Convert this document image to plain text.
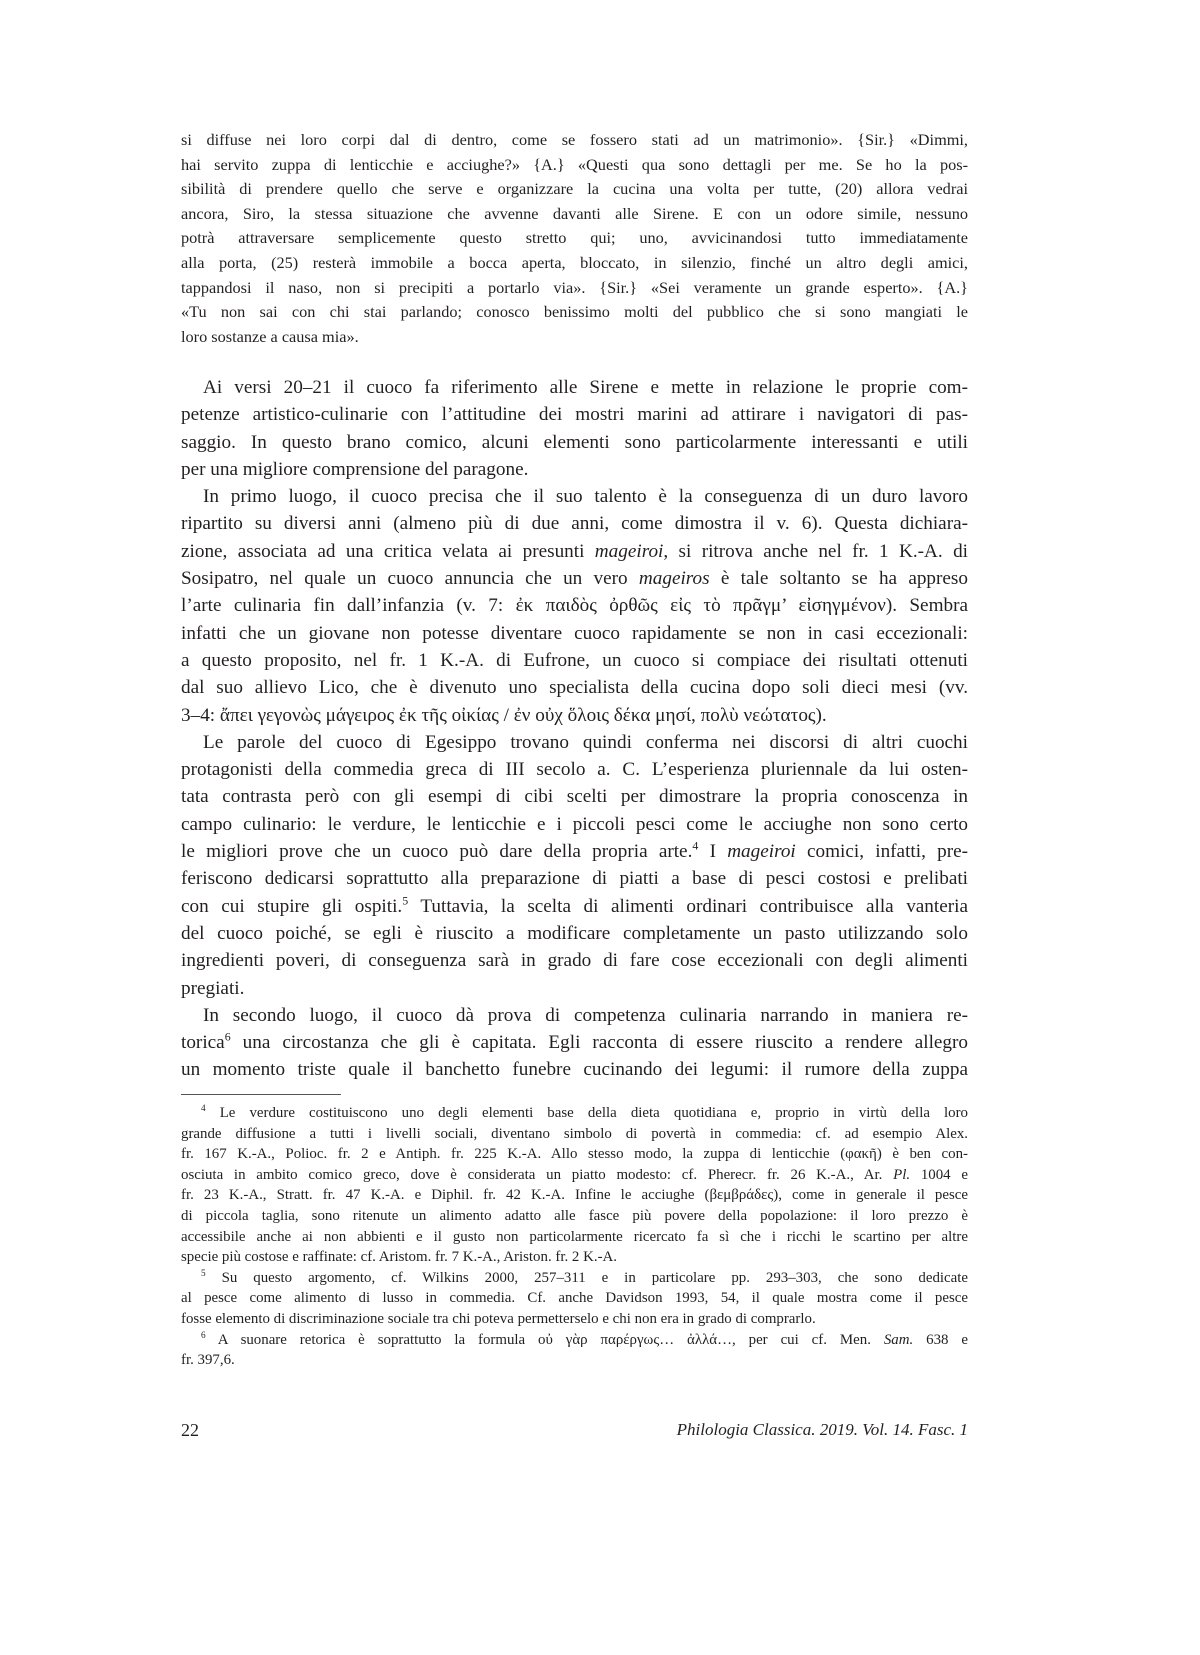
si diffuse nei loro corpi dal di dentro, come se fossero stati ad un matrimonio». {Sir.} «Dimmi,
hai servito zuppa di lenticchie e acciughe?» {A.} «Questi qua sono dettagli per me. Se ho la pos-
sibilità di prendere quello che serve e organizzare la cucina una volta per tutte, (20) allora vedrai
ancora, Siro, la stessa situazione che avvenne davanti alle Sirene. E con un odore simile, nessuno
potrà attraversare semplicemente questo stretto qui; uno, avvicinandosi tutto immediatamente
alla porta, (25) resterà immobile a bocca aperta, bloccato, in silenzio, finché un altro degli amici,
tappandosi il naso, non si precipiti a portarlo via». {Sir.} «Sei veramente un grande esperto». {A.}
«Tu non sai con chi stai parlando; conosco benissimo molti del pubblico che si sono mangiati le
loro sostanze a causa mia».
Ai versi 20–21 il cuoco fa riferimento alle Sirene e mette in relazione le proprie com-
petenze artistico-culinarie con l’attitudine dei mostri marini ad attirare i navigatori di pas-
saggio. In questo brano comico, alcuni elementi sono particolarmente interessanti e utili
per una migliore comprensione del paragone.
In primo luogo, il cuoco precisa che il suo talento è la conseguenza di un duro lavoro
ripartito su diversi anni (almeno più di due anni, come dimostra il v. 6). Questa dichiara-
zione, associata ad una critica velata ai presunti mageiroi, si ritrova anche nel fr. 1 K.-A. di
Sosipatro, nel quale un cuoco annuncia che un vero mageiros è tale soltanto se ha appreso
l’arte culinaria fin dall’infanzia (v. 7: ἐκ παιδὸς ὀρθῶς εἰς τὸ πρᾶγμ’ εἰσηγμένον). Sembra
infatti che un giovane non potesse diventare cuoco rapidamente se non in casi eccezionali:
a questo proposito, nel fr. 1 K.-A. di Eufrone, un cuoco si compiace dei risultati ottenuti
dal suo allievo Lico, che è divenuto uno specialista della cucina dopo soli dieci mesi (vv.
3–4: ἄπει γεγονὼς μάγειρος ἐκ τῆς οἰκίας / ἐν οὐχ ὅλοις δέκα μησί, πολὺ νεώτατος).
Le parole del cuoco di Egesippo trovano quindi conferma nei discorsi di altri cuochi
protagonisti della commedia greca di III secolo a. C. L’esperienza pluriennale da lui osten-
tata contrasta però con gli esempi di cibi scelti per dimostrare la propria conoscenza in
campo culinario: le verdure, le lenticchie e i piccoli pesci come le acciughe non sono certo
le migliori prove che un cuoco può dare della propria arte.$^4$ I mageiroi comici, infatti, pre-
feriscono dedicarsi soprattutto alla preparazione di piatti a base di pesci costosi e prelibati
con cui stupire gli ospiti.$^5$ Tuttavia, la scelta di alimenti ordinari contribuisce alla vanteria
del cuoco poiché, se egli è riuscito a modificare completamente un pasto utilizzando solo
ingredienti poveri, di conseguenza sarà in grado di fare cose eccezionali con degli alimenti
pregiati.
In secondo luogo, il cuoco dà prova di competenza culinaria narrando in maniera re-
torica$^6$ una circostanza che gli è capitata. Egli racconta di essere riuscito a rendere allegro
un momento triste quale il banchetto funebre cucinando dei legumi: il rumore della zuppa
$^4$ Le verdure costituiscono uno degli elementi base della dieta quotidiana e, proprio in virtù della loro
grande diffusione a tutti i livelli sociali, diventano simbolo di povertà in commedia: cf. ad esempio Alex.
fr. 167 K.-A., Polioc. fr. 2 e Antiph. fr. 225 K.-A. Allo stesso modo, la zuppa di lenticchie (φακῆ) è ben con-
osciuta in ambito comico greco, dove è considerata un piatto modesto: cf. Pherecr. fr. 26 K.-A., Ar. Pl. 1004 e
fr. 23 K.-A., Stratt. fr. 47 K.-A. e Diphil. fr. 42 K.-A. Infine le acciughe (βεμβράδες), come in generale il pesce
di piccola taglia, sono ritenute un alimento adatto alle fasce più povere della popolazione: il loro prezzo è
accessibile anche ai non abbienti e il gusto non particolarmente ricercato fa sì che i ricchi le scartino per altre
specie più costose e raffinate: cf. Aristom. fr. 7 K.-A., Ariston. fr. 2 K.-A.
$^5$ Su questo argomento, cf. Wilkins 2000, 257–311 e in particolare pp. 293–303, che sono dedicate
al pesce come alimento di lusso in commedia. Cf. anche Davidson 1993, 54, il quale mostra come il pesce
fosse elemento di discriminazione sociale tra chi poteva permetterselo e chi non era in grado di comprarlo.
$^6$ A suonare retorica è soprattutto la formula οὐ γὰρ παρέργως… ἀλλά…, per cui cf. Men. Sam. 638 e
fr. 397,6.
22	Philologia Classica. 2019. Vol. 14. Fasc. 1
